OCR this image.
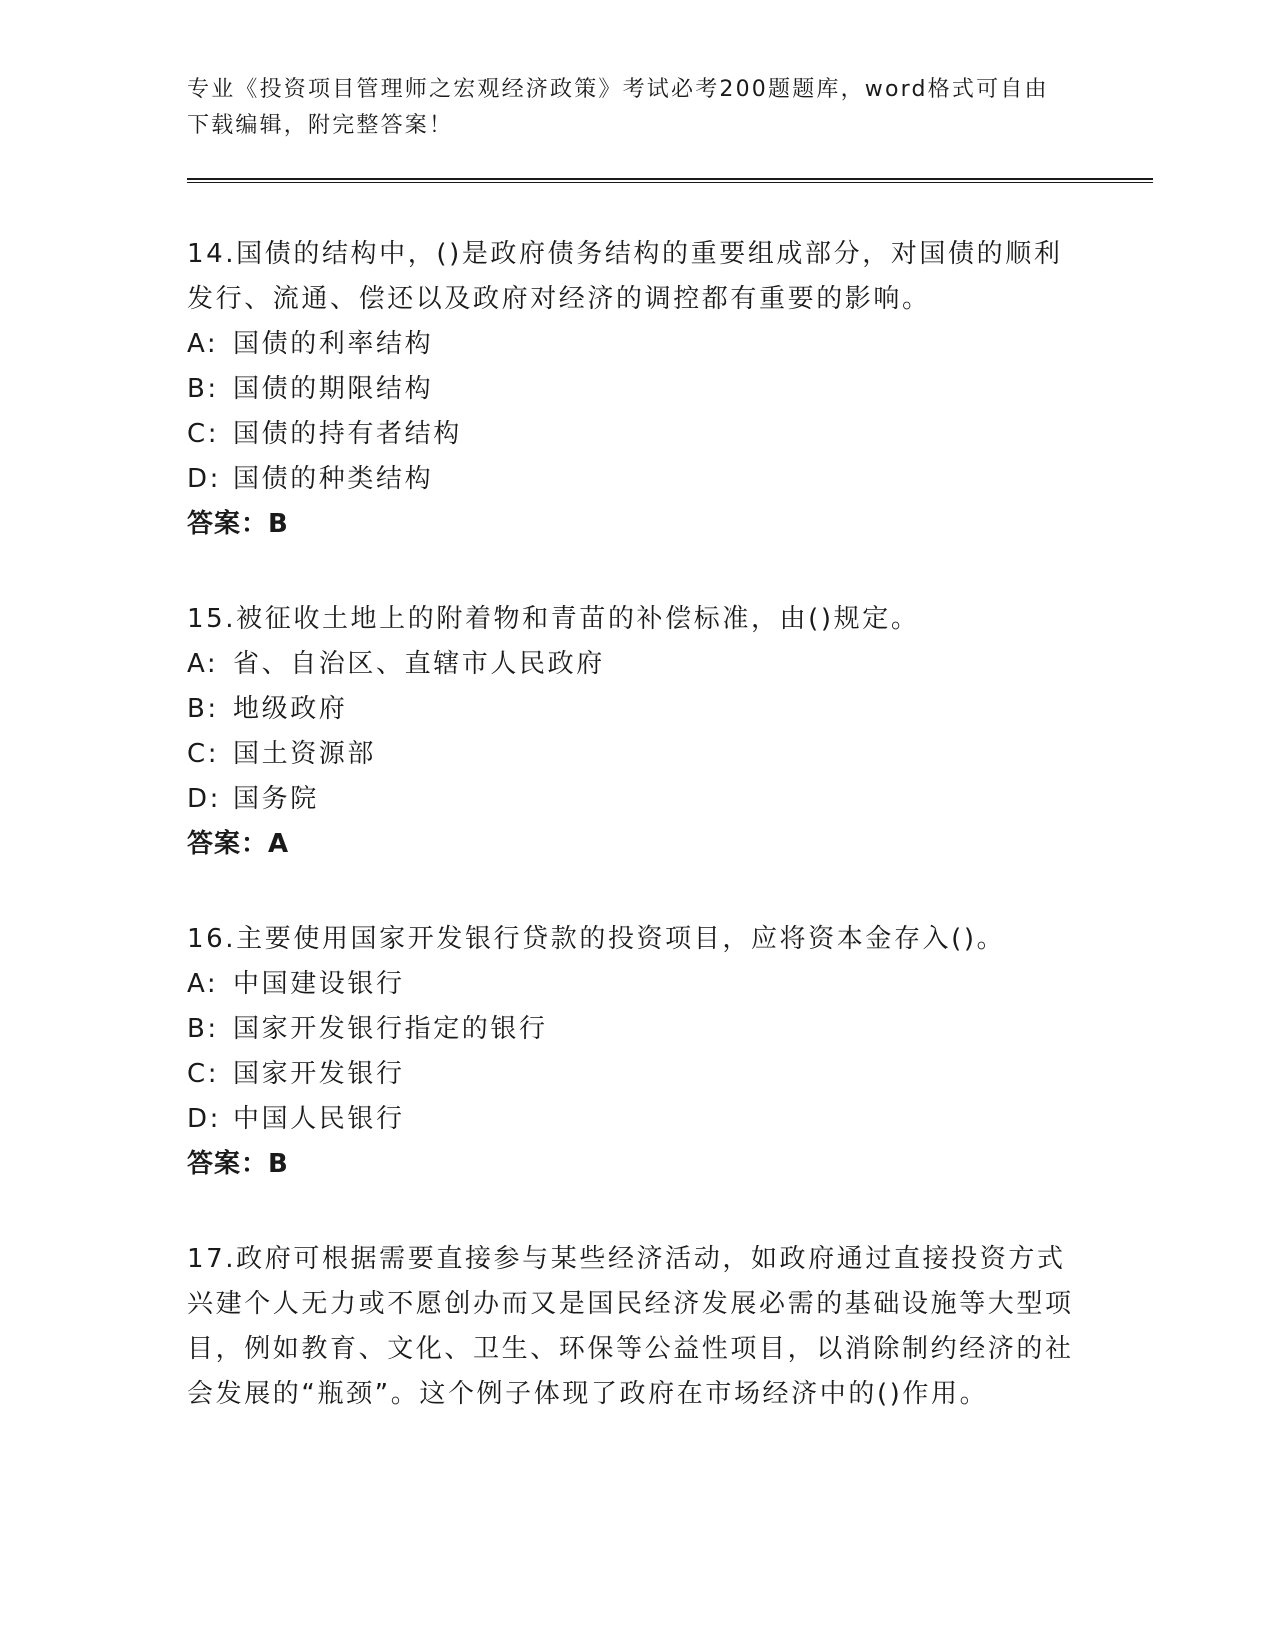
专业《投资项目管理师之宏观经济政策》考试必考200题题库，word格式可自由下载编辑，附完整答案！
14.国债的结构中，()是政府债务结构的重要组成部分，对国债的顺利发行、流通、偿还以及政府对经济的调控都有重要的影响。
A: 国债的利率结构
B: 国债的期限结构
C: 国债的持有者结构
D: 国债的种类结构
答案：B
15.被征收土地上的附着物和青苗的补偿标准，由()规定。
A: 省、自治区、直辖市人民政府
B: 地级政府
C: 国土资源部
D: 国务院
答案：A
16.主要使用国家开发银行贷款的投资项目，应将资本金存入()。
A: 中国建设银行
B: 国家开发银行指定的银行
C: 国家开发银行
D: 中国人民银行
答案：B
17.政府可根据需要直接参与某些经济活动，如政府通过直接投资方式兴建个人无力或不愿创办而又是国民经济发展必需的基础设施等大型项目，例如教育、文化、卫生、环保等公益性项目，以消除制约经济的社会发展的“瓶颈”。这个例子体现了政府在市场经济中的()作用。
